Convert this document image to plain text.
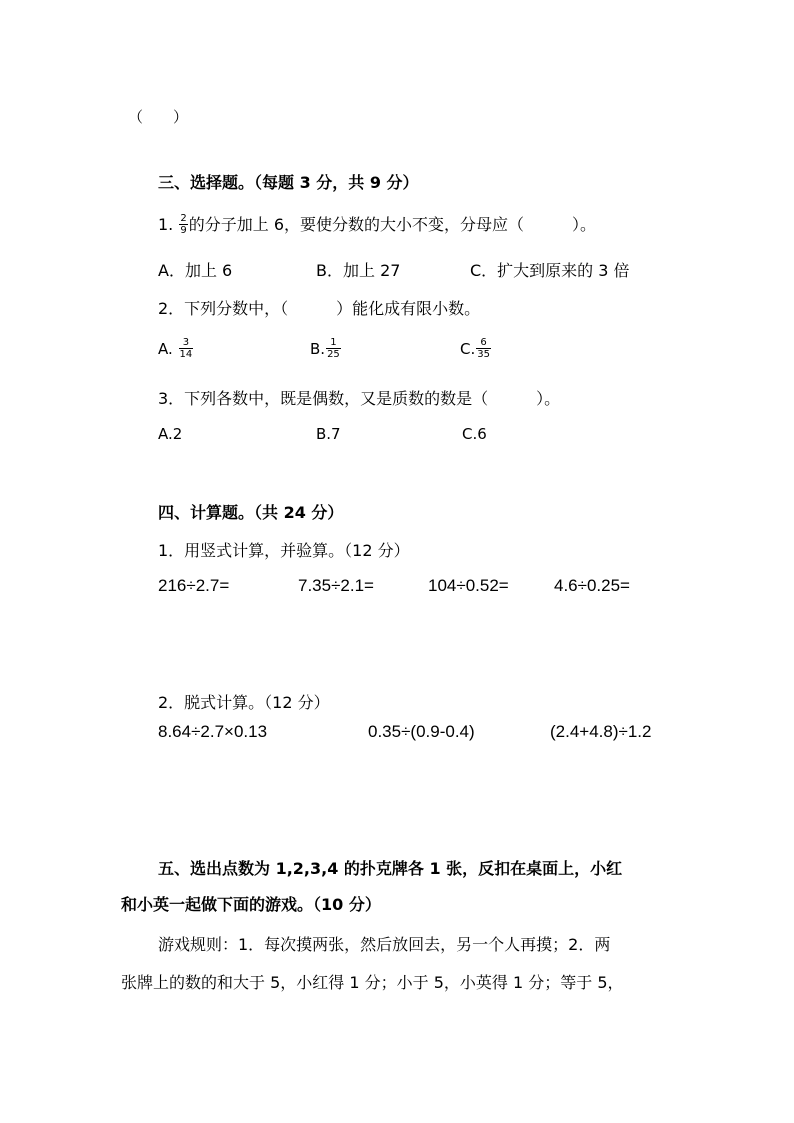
（　　）
三、选择题。（每题 3 分，共 9 分）
1. $\frac{2}{9}$ 的分子加上 6，要使分数的大小不变，分母应（　　　）。
A．加上 6	B．加上 27	C．扩大到原来的 3 倍
2．下列分数中，（　　　）能化成有限小数。
A. $\frac{3}{14}$	B. $\frac{1}{25}$	C. $\frac{6}{35}$
3．下列各数中，既是偶数，又是质数的数是（　　　）。
A.2	B.7	C.6
四、计算题。（共 24 分）
1．用竖式计算，并验算。（12 分）
216÷2.7=	7.35÷2.1=	104÷0.52=	4.6÷0.25=
2．脱式计算。（12 分）
8.64÷2.7×0.13	0.35÷(0.9-0.4)	(2.4+4.8)÷1.2
五、选出点数为 1,2,3,4 的扑克牌各 1 张，反扣在桌面上，小红
和小英一起做下面的游戏。（10 分）
游戏规则：1．每次摸两张，然后放回去，另一个人再摸；2．两
张牌上的数的和大于 5，小红得 1 分；小于 5，小英得 1 分；等于 5，
